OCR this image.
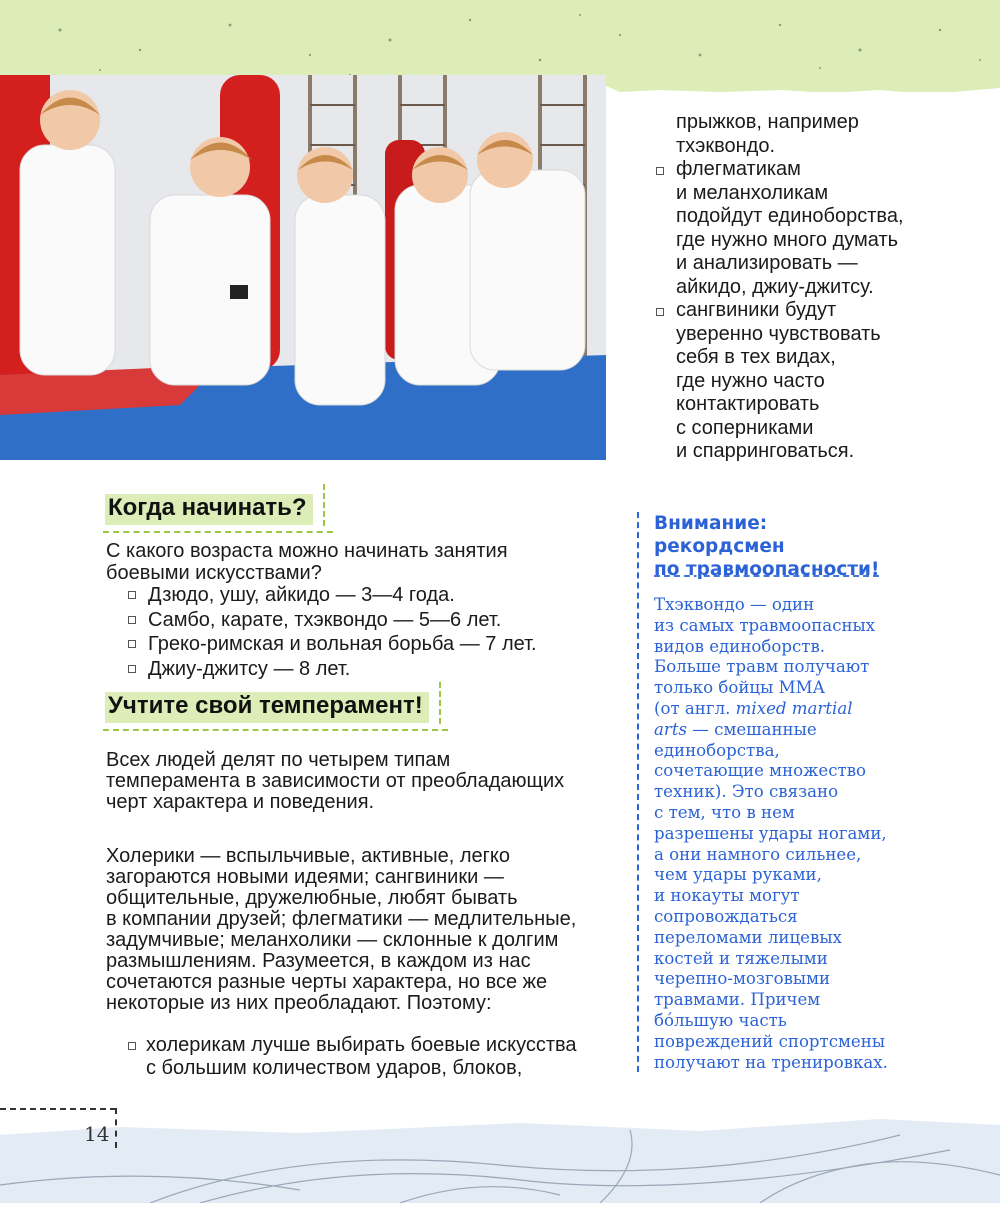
прыжков, например
тхэквондо.
флегматикам
и меланхоликам
подойдут единоборства,
где нужно много думать
и анализировать —
айкидо, джиу-джитсу.
сангвиники будут
уверенно чувствовать
себя в тех видах,
где нужно часто
контактировать
с соперниками
и спарринговаться.
Когда начинать?
С какого возраста можно начинать занятия
боевыми искусствами?
Дзюдо, ушу, айкидо — 3—4 года.
Самбо, карате, тхэквондо — 5—6 лет.
Греко-римская и вольная борьба — 7 лет.
Джиу-джитсу — 8 лет.
Учтите свой темперамент!
Всех людей делят по четырем типам
темперамента в зависимости от преобладающих
черт характера и поведения.
Холерики — вспыльчивые, активные, легко
загораются новыми идеями; сангвиники —
общительные, дружелюбные, любят бывать
в компании друзей; флегматики — медлительные,
задумчивые; меланхолики — склонные к долгим
размышлениям. Разумеется, в каждом из нас
сочетаются разные черты характера, но все же
некоторые из них преобладают. Поэтому:
холерикам лучше выбирать боевые искусства
с большим количеством ударов, блоков,
Внимание:
рекордсмен
по травмоопасности!
Тхэквондо — один
из самых травмоопасных
видов единоборств.
Больше травм получают
только бойцы ММА
(от англ. mixed martial
arts — смешанные
единоборства,
сочетающие множество
техник). Это связано
с тем, что в нем
разрешены удары ногами,
а они намного сильнее,
чем удары руками,
и нокауты могут
сопровождаться
переломами лицевых
костей и тяжелыми
черепно-мозговыми
травмами. Причем
бóльшую часть
повреждений спортсмены
получают на тренировках.
14
